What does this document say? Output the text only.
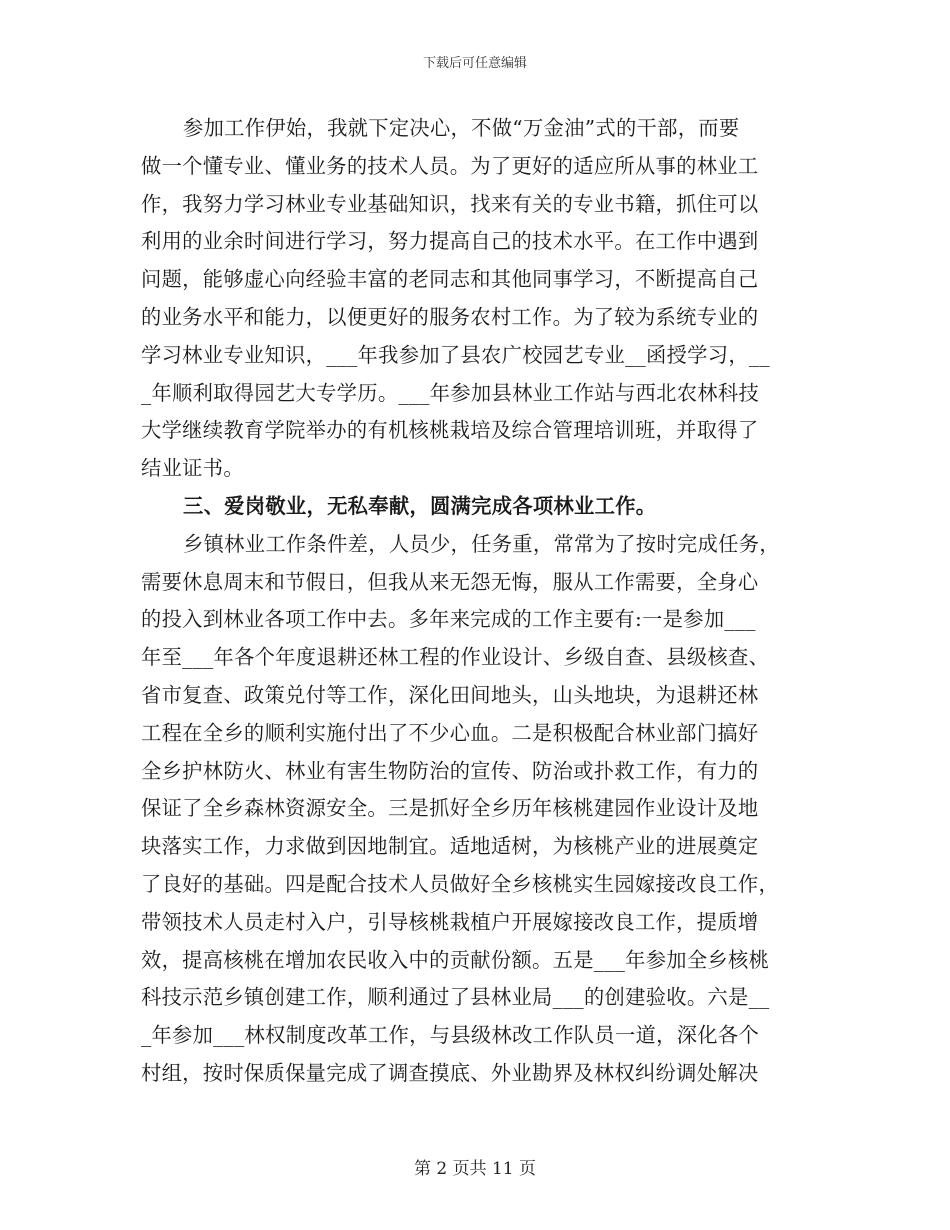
下载后可任意编辑
参加工作伊始，我就下定决心，不做“万金油”式的干部，而要
做一个懂专业、懂业务的技术人员。为了更好的适应所从事的林业工
作，我努力学习林业专业基础知识，找来有关的专业书籍，抓住可以
利用的业余时间进行学习，努力提高自己的技术水平。在工作中遇到
问题，能够虚心向经验丰富的老同志和其他同事学习，不断提高自己
的业务水平和能力，以便更好的服务农村工作。为了较为系统专业的
学习林业专业知识，___年我参加了县农广校园艺专业__函授学习，__
_年顺利取得园艺大专学历。___年参加县林业工作站与西北农林科技
大学继续教育学院举办的有机核桃栽培及综合管理培训班，并取得了
结业证书。
三、爱岗敬业，无私奉献，圆满完成各项林业工作。
乡镇林业工作条件差，人员少，任务重，常常为了按时完成任务，
需要休息周末和节假日，但我从来无怨无悔，服从工作需要，全身心
的投入到林业各项工作中去。多年来完成的工作主要有:一是参加___
年至___年各个年度退耕还林工程的作业设计、乡级自查、县级核查、
省市复查、政策兑付等工作，深化田间地头，山头地块，为退耕还林
工程在全乡的顺利实施付出了不少心血。二是积极配合林业部门搞好
全乡护林防火、林业有害生物防治的宣传、防治或扑救工作，有力的
保证了全乡森林资源安全。三是抓好全乡历年核桃建园作业设计及地
块落实工作，力求做到因地制宜。适地适树，为核桃产业的进展奠定
了良好的基础。四是配合技术人员做好全乡核桃实生园嫁接改良工作，
带领技术人员走村入户，引导核桃栽植户开展嫁接改良工作，提质增
效，提高核桃在增加农民收入中的贡献份额。五是___年参加全乡核桃
科技示范乡镇创建工作，顺利通过了县林业局___的创建验收。六是__
_年参加___林权制度改革工作，与县级林改工作队员一道，深化各个
村组，按时保质保量完成了调查摸底、外业勘界及林权纠纷调处解决
第 2 页共 11 页
